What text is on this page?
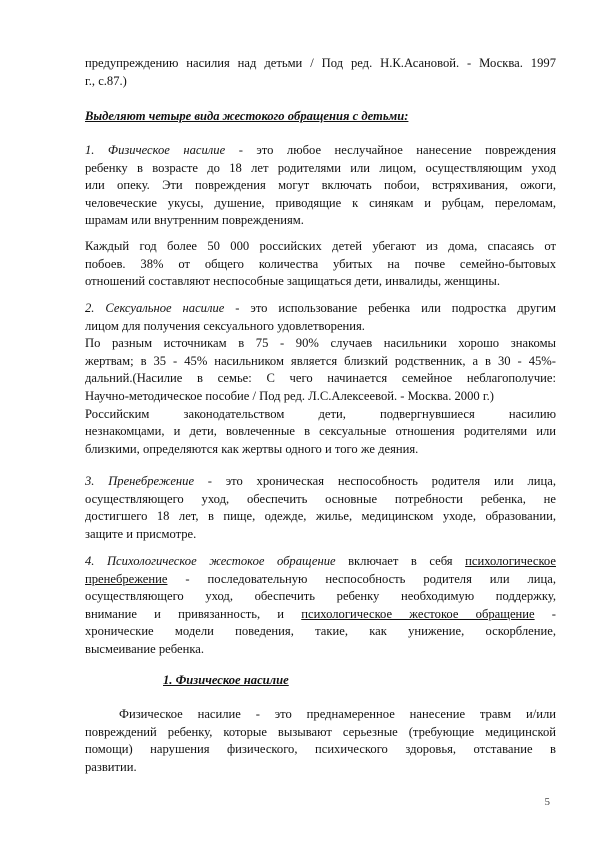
предупреждению насилия над детьми / Под ред. Н.К.Асановой. - Москва. 1997
г., с.87.)
Выделяют четыре вида жестокого обращения с детьми:
1. Физическое насилие - это любое неслучайное нанесение повреждения
ребенку в возрасте до 18 лет родителями или лицом, осуществляющим уход
или опеку. Эти повреждения могут включать побои, встряхивания, ожоги,
человеческие укусы, душение, приводящие к синякам и рубцам, переломам,
шрамам или внутренним повреждениям.
Каждый год более 50 000 российских детей убегают из дома, спасаясь от
побоев. 38% от общего количества убитых на почве семейно-бытовых
отношений составляют неспособные защищаться дети, инвалиды, женщины.
2. Сексуальное насилие - это использование ребенка или подростка другим
лицом для получения сексуального удовлетворения.
По разным источникам в 75 - 90% случаев насильники хорошо знакомы
жертвам; в 35 - 45% насильником является близкий родственник, а в 30 - 45%-
дальний.(Насилие в семье: С чего начинается семейное неблагополучие:
Научно-методическое пособие / Под ред. Л.С.Алексеевой. - Москва. 2000 г.)
Российским законодательством дети, подвергнувшиеся насилию
незнакомцами, и дети, вовлеченные в сексуальные отношения родителями или
близкими, определяются как жертвы одного и того же деяния.
3. Пренебрежение - это хроническая неспособность родителя или лица,
осуществляющего уход, обеспечить основные потребности ребенка, не
достигшего 18 лет, в пище, одежде, жилье, медицинском уходе, образовании,
защите и присмотре.
4. Психологическое жестокое обращение включает в себя психологическое
пренебрежение - последовательную неспособность родителя или лица,
осуществляющего уход, обеспечить ребенку необходимую поддержку,
внимание и привязанность, и психологическое жестокое обращение -
хронические модели поведения, такие, как унижение, оскорбление,
высмеивание ребенка.
1. Физическое насилие
Физическое насилие - это преднамеренное нанесение травм и/или
повреждений ребенку, которые вызывают серьезные (требующие медицинской
помощи) нарушения физического, психического здоровья, отставание в
развитии.
5
